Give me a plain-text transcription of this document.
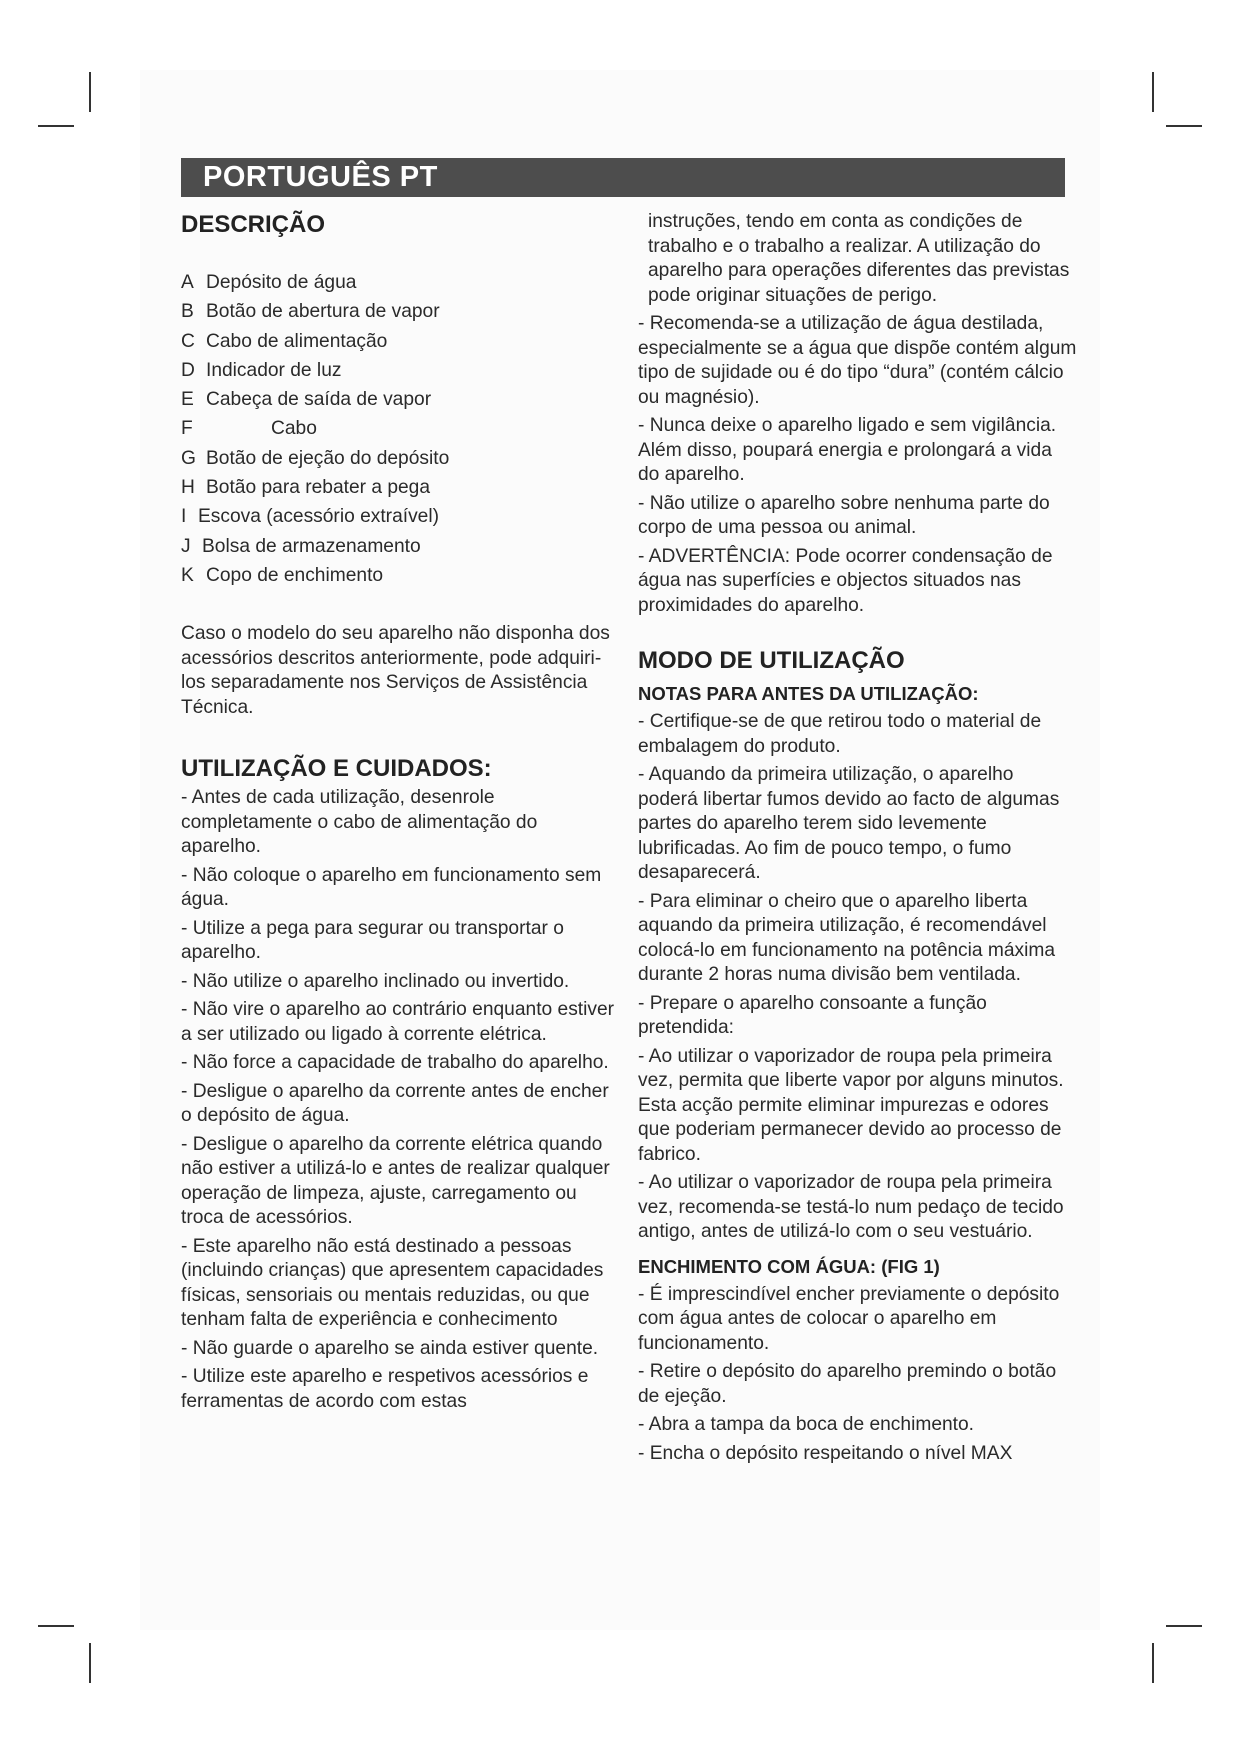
PORTUGUÊS PT
DESCRIÇÃO
A Depósito de água
B Botão de abertura de vapor
C Cabo de alimentação
D Indicador de luz
E Cabeça de saída de vapor
F	Cabo
G Botão de ejeção do depósito
H Botão para rebater a pega
I Escova (acessório extraível)
J Bolsa de armazenamento
K Copo de enchimento

Caso o modelo do seu aparelho não disponha dos acessórios descritos anteriormente, pode adquiri-los separadamente nos Serviços de Assistência Técnica.

UTILIZAÇÃO E CUIDADOS:
- Antes de cada utilização, desenrole completamente o cabo de alimentação do aparelho.
- Não coloque o aparelho em funcionamento sem água.
- Utilize a pega para segurar ou transportar o aparelho.
- Não utilize o aparelho inclinado ou invertido.
- Não vire o aparelho ao contrário enquanto estiver a ser utilizado ou ligado à corrente elétrica.
- Não force a capacidade de trabalho do aparelho.
- Desligue o aparelho da corrente antes de encher o depósito de água.
- Desligue o aparelho da corrente elétrica quando não estiver a utilizá-lo e antes de realizar qualquer operação de limpeza, ajuste, carregamento ou troca de acessórios.
- Este aparelho não está destinado a pessoas (incluindo crianças) que apresentem capacidades físicas, sensoriais ou mentais reduzidas, ou que tenham falta de experiência e conhecimento
- Não guarde o aparelho se ainda estiver quente.
- Utilize este aparelho e respetivos acessórios e ferramentas de acordo com estas

instruções, tendo em conta as condições de trabalho e o trabalho a realizar. A utilização do aparelho para operações diferentes das previstas pode originar situações de perigo.

- Recomenda-se a utilização de água destilada, especialmente se a água que dispõe contém algum tipo de sujidade ou é do tipo “dura” (contém cálcio ou magnésio).
- Nunca deixe o aparelho ligado e sem vigilância. Além disso, poupará energia e prolongará a vida do aparelho.
- Não utilize o aparelho sobre nenhuma parte do corpo de uma pessoa ou animal.
- ADVERTÊNCIA: Pode ocorrer condensação de água nas superfícies e objectos situados nas proximidades do aparelho.
MODO DE UTILIZAÇÃO
NOTAS PARA ANTES DA UTILIZAÇÃO:
- Certifique-se de que retirou todo o material de embalagem do produto.
- Aquando da primeira utilização, o aparelho poderá libertar fumos devido ao facto de algumas partes do aparelho terem sido levemente lubrificadas. Ao fim de pouco tempo, o fumo desaparecerá.
- Para eliminar o cheiro que o aparelho liberta aquando da primeira utilização, é recomendável colocá-lo em funcionamento na potência máxima durante 2 horas numa divisão bem ventilada.
- Prepare o aparelho consoante a função pretendida:
- Ao utilizar o vaporizador de roupa pela primeira vez, permita que liberte vapor por alguns minutos. Esta acção permite eliminar impurezas e odores que poderiam permanecer devido ao processo de fabrico.
- Ao utilizar o vaporizador de roupa pela primeira vez, recomenda-se testá-lo num pedaço de tecido antigo, antes de utilizá-lo com o seu vestuário.
ENCHIMENTO COM ÁGUA: (FIG 1)
- É imprescindível encher previamente o depósito com água antes de colocar o aparelho em funcionamento.
- Retire o depósito do aparelho premindo o botão de ejeção.
- Abra a tampa da boca de enchimento.
- Encha o depósito respeitando o nível MAX
